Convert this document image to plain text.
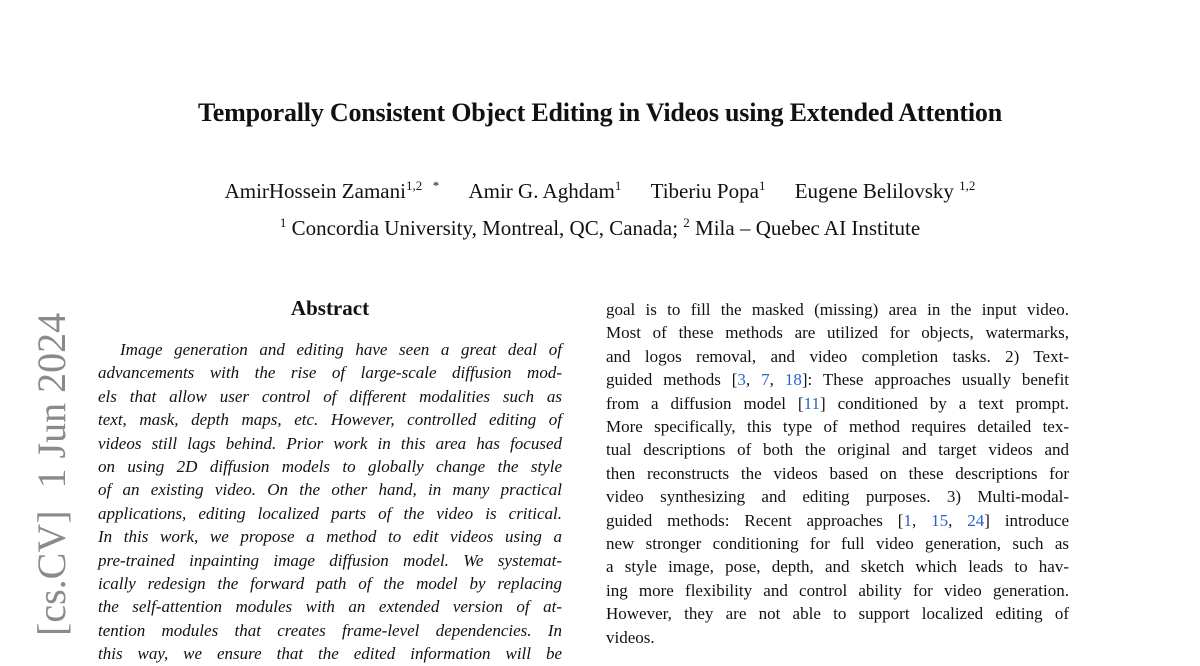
Temporally Consistent Object Editing in Videos using Extended Attention
AmirHossein Zamani$^{1,2}$ * Amir G. Aghdam$^1$ Tiberiu Popa$^1$ Eugene Belilovsky $^{1,2}$
$^1$ Concordia University, Montreal, QC, Canada; $^2$ Mila – Quebec AI Institute
[cs.CV]1 Jun 2024
Abstract
Image generation and editing have seen a great deal of
advancements with the rise of large-scale diffusion mod-
els that allow user control of different modalities such as
text, mask, depth maps, etc. However, controlled editing of
videos still lags behind. Prior work in this area has focused
on using 2D diffusion models to globally change the style
of an existing video. On the other hand, in many practical
applications, editing localized parts of the video is critical.
In this work, we propose a method to edit videos using a
pre-trained inpainting image diffusion model. We systemat-
ically redesign the forward path of the model by replacing
the self-attention modules with an extended version of at-
tention modules that creates frame-level dependencies. In
this way, we ensure that the edited information will be
goal is to fill the masked (missing) area in the input video.
Most of these methods are utilized for objects, watermarks,
and logos removal, and video completion tasks. 2) Text-
guided methods [3, 7, 18]: These approaches usually benefit
from a diffusion model [11] conditioned by a text prompt.
More specifically, this type of method requires detailed tex-
tual descriptions of both the original and target videos and
then reconstructs the videos based on these descriptions for
video synthesizing and editing purposes. 3) Multi-modal-
guided methods: Recent approaches [1, 15, 24] introduce
new stronger conditioning for full video generation, such as
a style image, pose, depth, and sketch which leads to hav-
ing more flexibility and control ability for video generation.
However, they are not able to support localized editing of
videos.
